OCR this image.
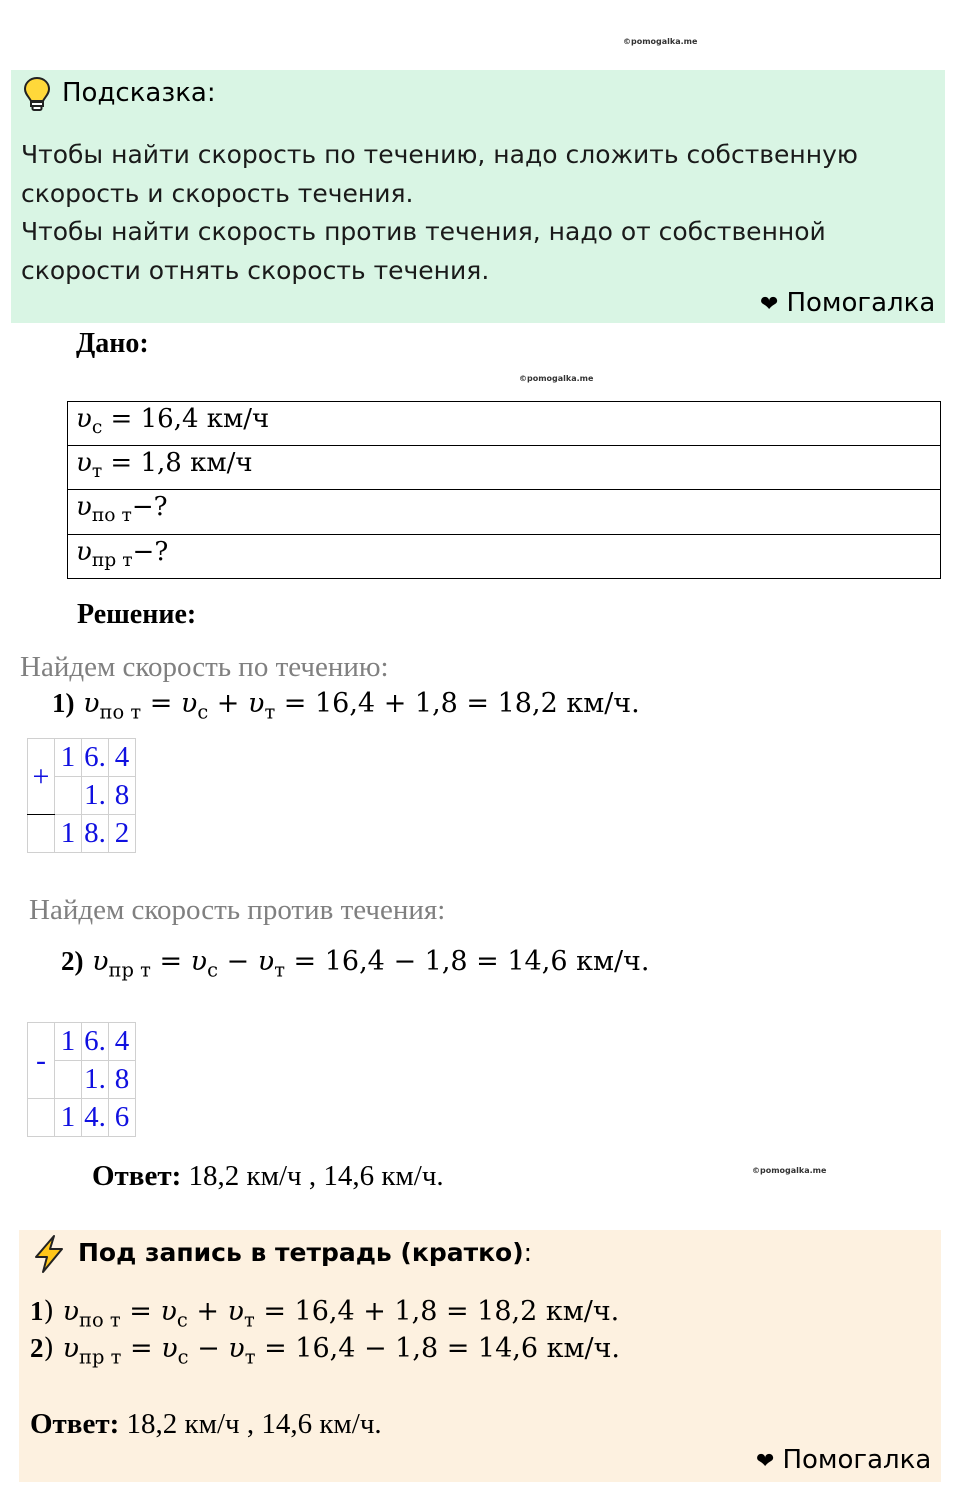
©pomogalka.me
Подсказка:
Чтобы найти скорость по течению, надо сложить собственную
скорость и скорость течения.
Чтобы найти скорость против течения, надо от собственной
скорости отнять скорость течения.
❤ Помогалка
Дано:
©pomogalka.me
$\upsilon_с = 16,4$ км/ч
$\upsilon_т = 1,8$ км/ч
$\upsilon_{по т}-$?
$\upsilon_{пр т}-$?
Решение:
Найдем скорость по течению:
1) $\upsilon_{по т} = \upsilon_с + \upsilon_т = 16,4 + 1,8 = 18,2$ км/ч.
+	1	6.	4
		1.	8
	1	8.	2
Найдем скорость против течения:
2) $\upsilon_{пр т} = \upsilon_с - \upsilon_т = 16,4 - 1,8 = 14,6$ км/ч.
-	1	6.	4
		1.	8
	1	4.	6
Ответ: 18,2 км/ч , 14,6 км/ч.	©pomogalka.me
Под запись в тетрадь (кратко):
1) $\upsilon_{по т} = \upsilon_с + \upsilon_т = 16,4 + 1,8 = 18,2$ км/ч.
2) $\upsilon_{пр т} = \upsilon_с - \upsilon_т = 16,4 - 1,8 = 14,6$ км/ч.
Ответ: 18,2 км/ч , 14,6 км/ч.
❤ Помогалка
